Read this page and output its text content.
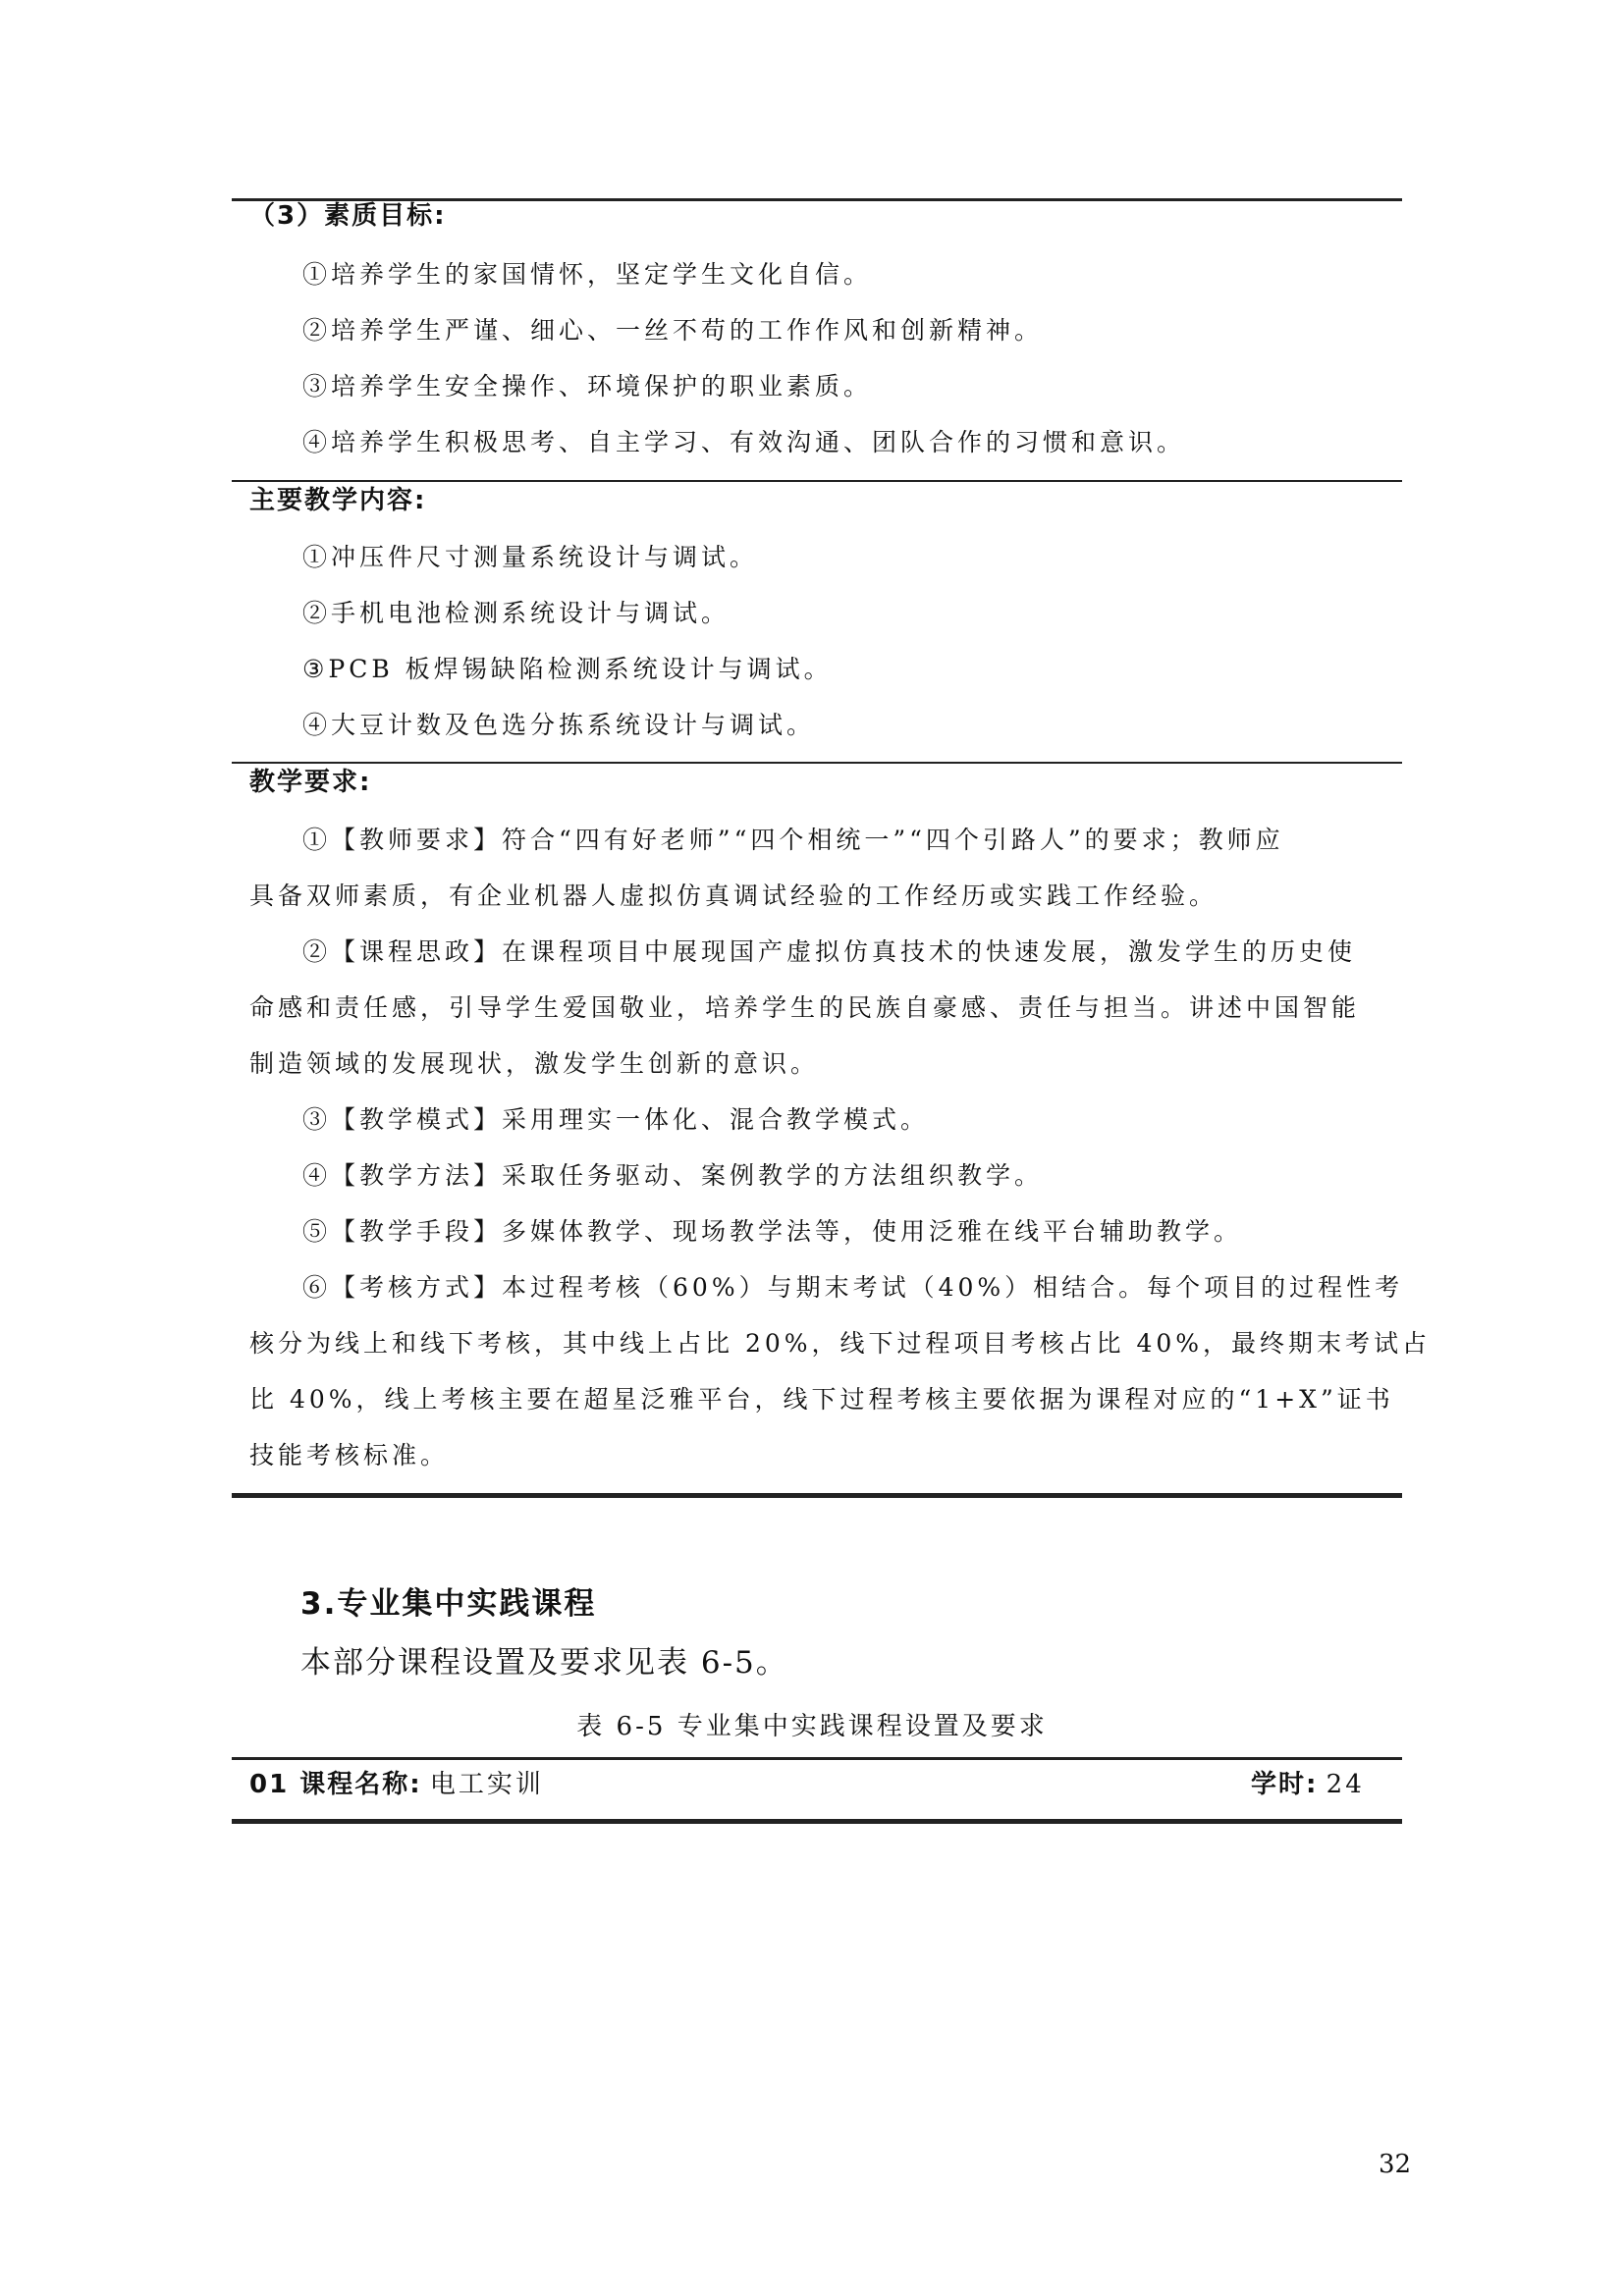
（3）素质目标:
①培养学生的家国情怀，坚定学生文化自信。
②培养学生严谨、细心、一丝不苟的工作作风和创新精神。
③培养学生安全操作、环境保护的职业素质。
④培养学生积极思考、自主学习、有效沟通、团队合作的习惯和意识。
主要教学内容:
①冲压件尺寸测量系统设计与调试。
②手机电池检测系统设计与调试。
③PCB 板焊锡缺陷检测系统设计与调试。
④大豆计数及色选分拣系统设计与调试。
教学要求:
①【教师要求】符合“四有好老师”“四个相统一”“四个引路人”的要求；教师应
具备双师素质，有企业机器人虚拟仿真调试经验的工作经历或实践工作经验。
②【课程思政】在课程项目中展现国产虚拟仿真技术的快速发展，激发学生的历史使
命感和责任感，引导学生爱国敬业，培养学生的民族自豪感、责任与担当。讲述中国智能
制造领域的发展现状，激发学生创新的意识。
③【教学模式】采用理实一体化、混合教学模式。
④【教学方法】采取任务驱动、案例教学的方法组织教学。
⑤【教学手段】多媒体教学、现场教学法等，使用泛雅在线平台辅助教学。
⑥【考核方式】本过程考核（60%）与期末考试（40%）相结合。每个项目的过程性考
核分为线上和线下考核，其中线上占比 20%，线下过程项目考核占比 40%，最终期末考试占
比 40%，线上考核主要在超星泛雅平台，线下过程考核主要依据为课程对应的“1+X”证书
技能考核标准。
3.专业集中实践课程
本部分课程设置及要求见表 6-5。
表 6-5 专业集中实践课程设置及要求
01 课程名称: 电工实训	学时: 24
32
